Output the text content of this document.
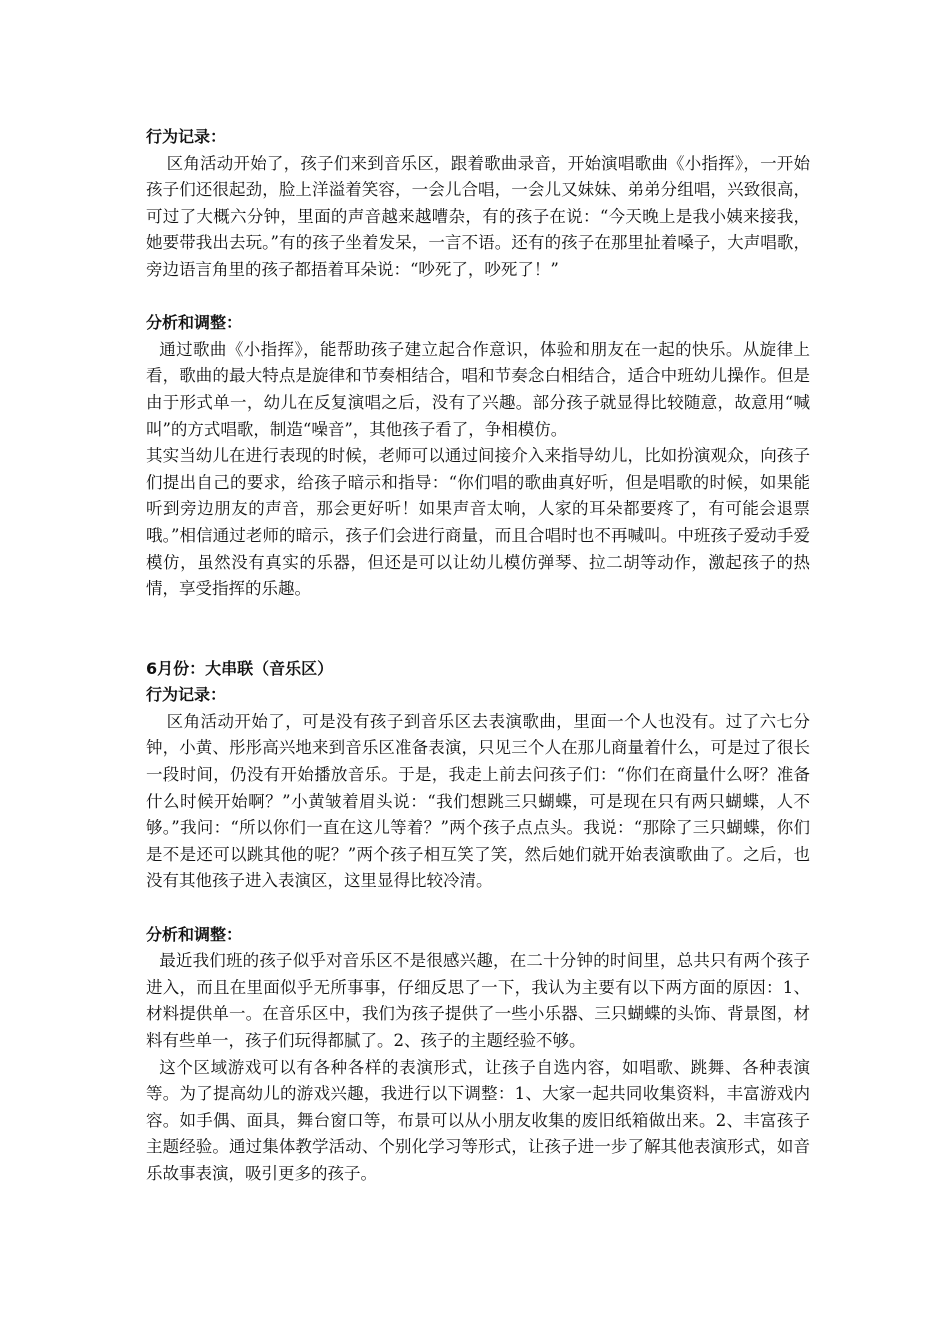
行为记录：

区角活动开始了，孩子们来到音乐区，跟着歌曲录音，开始演唱歌曲《小指挥》，一开始孩子们还很起劲，脸上洋溢着笑容，一会儿合唱，一会儿又妹妹、弟弟分组唱，兴致很高，可过了大概六分钟，里面的声音越来越嘈杂，有的孩子在说：“今天晚上是我小姨来接我，她要带我出去玩。”有的孩子坐着发呆，一言不语。还有的孩子在那里扯着嗓子，大声唱歌，旁边语言角里的孩子都捂着耳朵说：“吵死了，吵死了！”

分析和调整：

通过歌曲《小指挥》，能帮助孩子建立起合作意识，体验和朋友在一起的快乐。从旋律上看，歌曲的最大特点是旋律和节奏相结合，唱和节奏念白相结合，适合中班幼儿操作。但是由于形式单一，幼儿在反复演唱之后，没有了兴趣。部分孩子就显得比较随意，故意用“喊叫”的方式唱歌，制造“噪音”，其他孩子看了，争相模仿。

其实当幼儿在进行表现的时候，老师可以通过间接介入来指导幼儿，比如扮演观众，向孩子们提出自己的要求，给孩子暗示和指导：“你们唱的歌曲真好听，但是唱歌的时候，如果能听到旁边朋友的声音，那会更好听！如果声音太响，人家的耳朵都要疼了，有可能会退票哦。”相信通过老师的暗示，孩子们会进行商量，而且合唱时也不再喊叫。中班孩子爱动手爱模仿，虽然没有真实的乐器，但还是可以让幼儿模仿弹琴、拉二胡等动作，激起孩子的热情，享受指挥的乐趣。

6月份：大串联（音乐区）

行为记录：

区角活动开始了，可是没有孩子到音乐区去表演歌曲，里面一个人也没有。过了六七分钟，小黄、彤彤高兴地来到音乐区准备表演，只见三个人在那儿商量着什么，可是过了很长一段时间，仍没有开始播放音乐。于是，我走上前去问孩子们：“你们在商量什么呀？准备什么时候开始啊？”小黄皱着眉头说：“我们想跳三只蝴蝶，可是现在只有两只蝴蝶，人不够。”我问：“所以你们一直在这儿等着？”两个孩子点点头。我说：“那除了三只蝴蝶，你们是不是还可以跳其他的呢？”两个孩子相互笑了笑，然后她们就开始表演歌曲了。之后，也没有其他孩子进入表演区，这里显得比较冷清。

分析和调整：

最近我们班的孩子似乎对音乐区不是很感兴趣，在二十分钟的时间里，总共只有两个孩子进入，而且在里面似乎无所事事，仔细反思了一下，我认为主要有以下两方面的原因：1、材料提供单一。在音乐区中，我们为孩子提供了一些小乐器、三只蝴蝶的头饰、背景图，材料有些单一，孩子们玩得都腻了。2、孩子的主题经验不够。

这个区域游戏可以有各种各样的表演形式，让孩子自选内容，如唱歌、跳舞、各种表演等。为了提高幼儿的游戏兴趣，我进行以下调整：1、大家一起共同收集资料，丰富游戏内容。如手偶、面具，舞台窗口等，布景可以从小朋友收集的废旧纸箱做出来。2、丰富孩子主题经验。通过集体教学活动、个别化学习等形式，让孩子进一步了解其他表演形式，如音乐故事表演，吸引更多的孩子。
